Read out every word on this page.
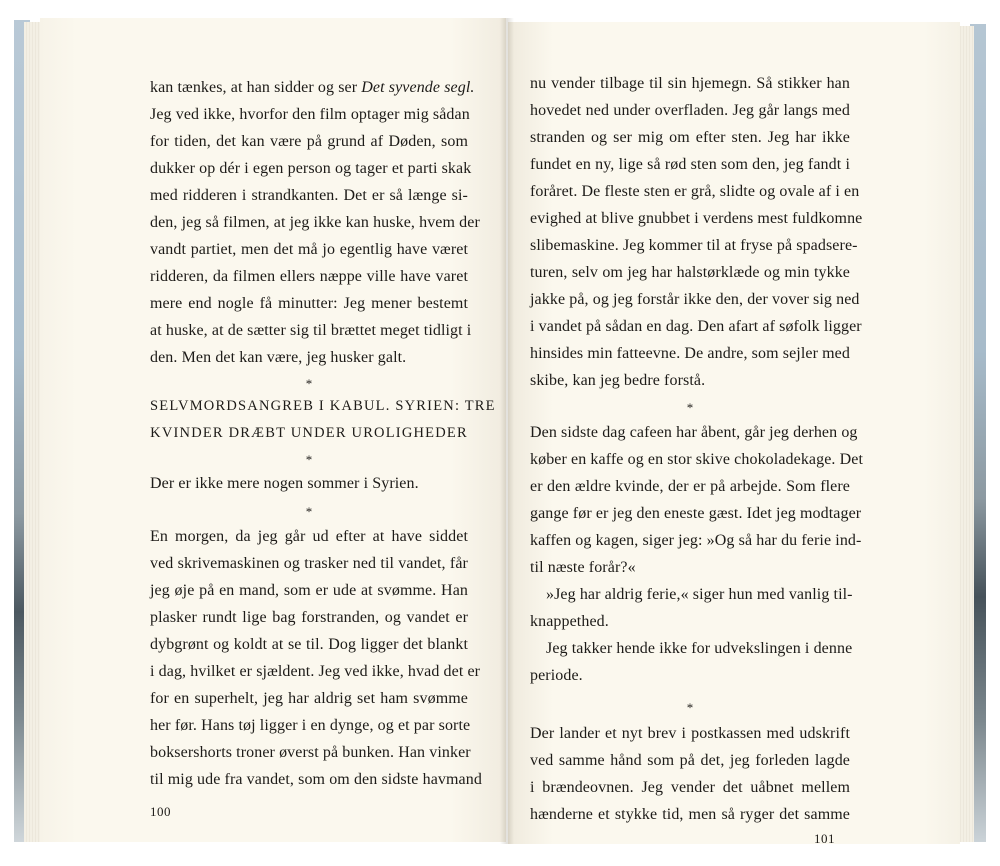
kan tænkes, at han sidder og ser Det syvende segl.
Jeg ved ikke, hvorfor den film optager mig sådan
for tiden, det kan være på grund af Døden, som
dukker op dér i egen person og tager et parti skak
med ridderen i strandkanten. Det er så længe si-
den, jeg så filmen, at jeg ikke kan huske, hvem der
vandt partiet, men det må jo egentlig have været
ridderen, da filmen ellers næppe ville have varet
mere end nogle få minutter: Jeg mener bestemt
at huske, at de sætter sig til brættet meget tidligt i
den. Men det kan være, jeg husker galt.
*
SELVMORDSANGREB I KABUL. SYRIEN: TRE
KVINDER DRÆBT UNDER UROLIGHEDER
*
Der er ikke mere nogen sommer i Syrien.
*
En morgen, da jeg går ud efter at have siddet
ved skrivemaskinen og trasker ned til vandet, får
jeg øje på en mand, som er ude at svømme. Han
plasker rundt lige bag forstranden, og vandet er
dybgrønt og koldt at se til. Dog ligger det blankt
i dag, hvilket er sjældent. Jeg ved ikke, hvad det er
for en superhelt, jeg har aldrig set ham svømme
her før. Hans tøj ligger i en dynge, og et par sorte
boksershorts troner øverst på bunken. Han vinker
til mig ude fra vandet, som om den sidste havmand
100
nu vender tilbage til sin hjemegn. Så stikker han
hovedet ned under overfladen. Jeg går langs med
stranden og ser mig om efter sten. Jeg har ikke
fundet en ny, lige så rød sten som den, jeg fandt i
foråret. De fleste sten er grå, slidte og ovale af i en
evighed at blive gnubbet i verdens mest fuldkomne
slibemaskine. Jeg kommer til at fryse på spadsere-
turen, selv om jeg har halstørklæde og min tykke
jakke på, og jeg forstår ikke den, der vover sig ned
i vandet på sådan en dag. Den afart af søfolk ligger
hinsides min fatteevne. De andre, som sejler med
skibe, kan jeg bedre forstå.
*
Den sidste dag cafeen har åbent, går jeg derhen og
køber en kaffe og en stor skive chokoladekage. Det
er den ældre kvinde, der er på arbejde. Som flere
gange før er jeg den eneste gæst. Idet jeg modtager
kaffen og kagen, siger jeg: »Og så har du ferie ind-
til næste forår?«
»Jeg har aldrig ferie,« siger hun med vanlig til-
knappethed.
Jeg takker hende ikke for udvekslingen i denne
periode.
*
Der lander et nyt brev i postkassen med udskrift
ved samme hånd som på det, jeg forleden lagde
i brændeovnen. Jeg vender det uåbnet mellem
hænderne et stykke tid, men så ryger det samme
101
